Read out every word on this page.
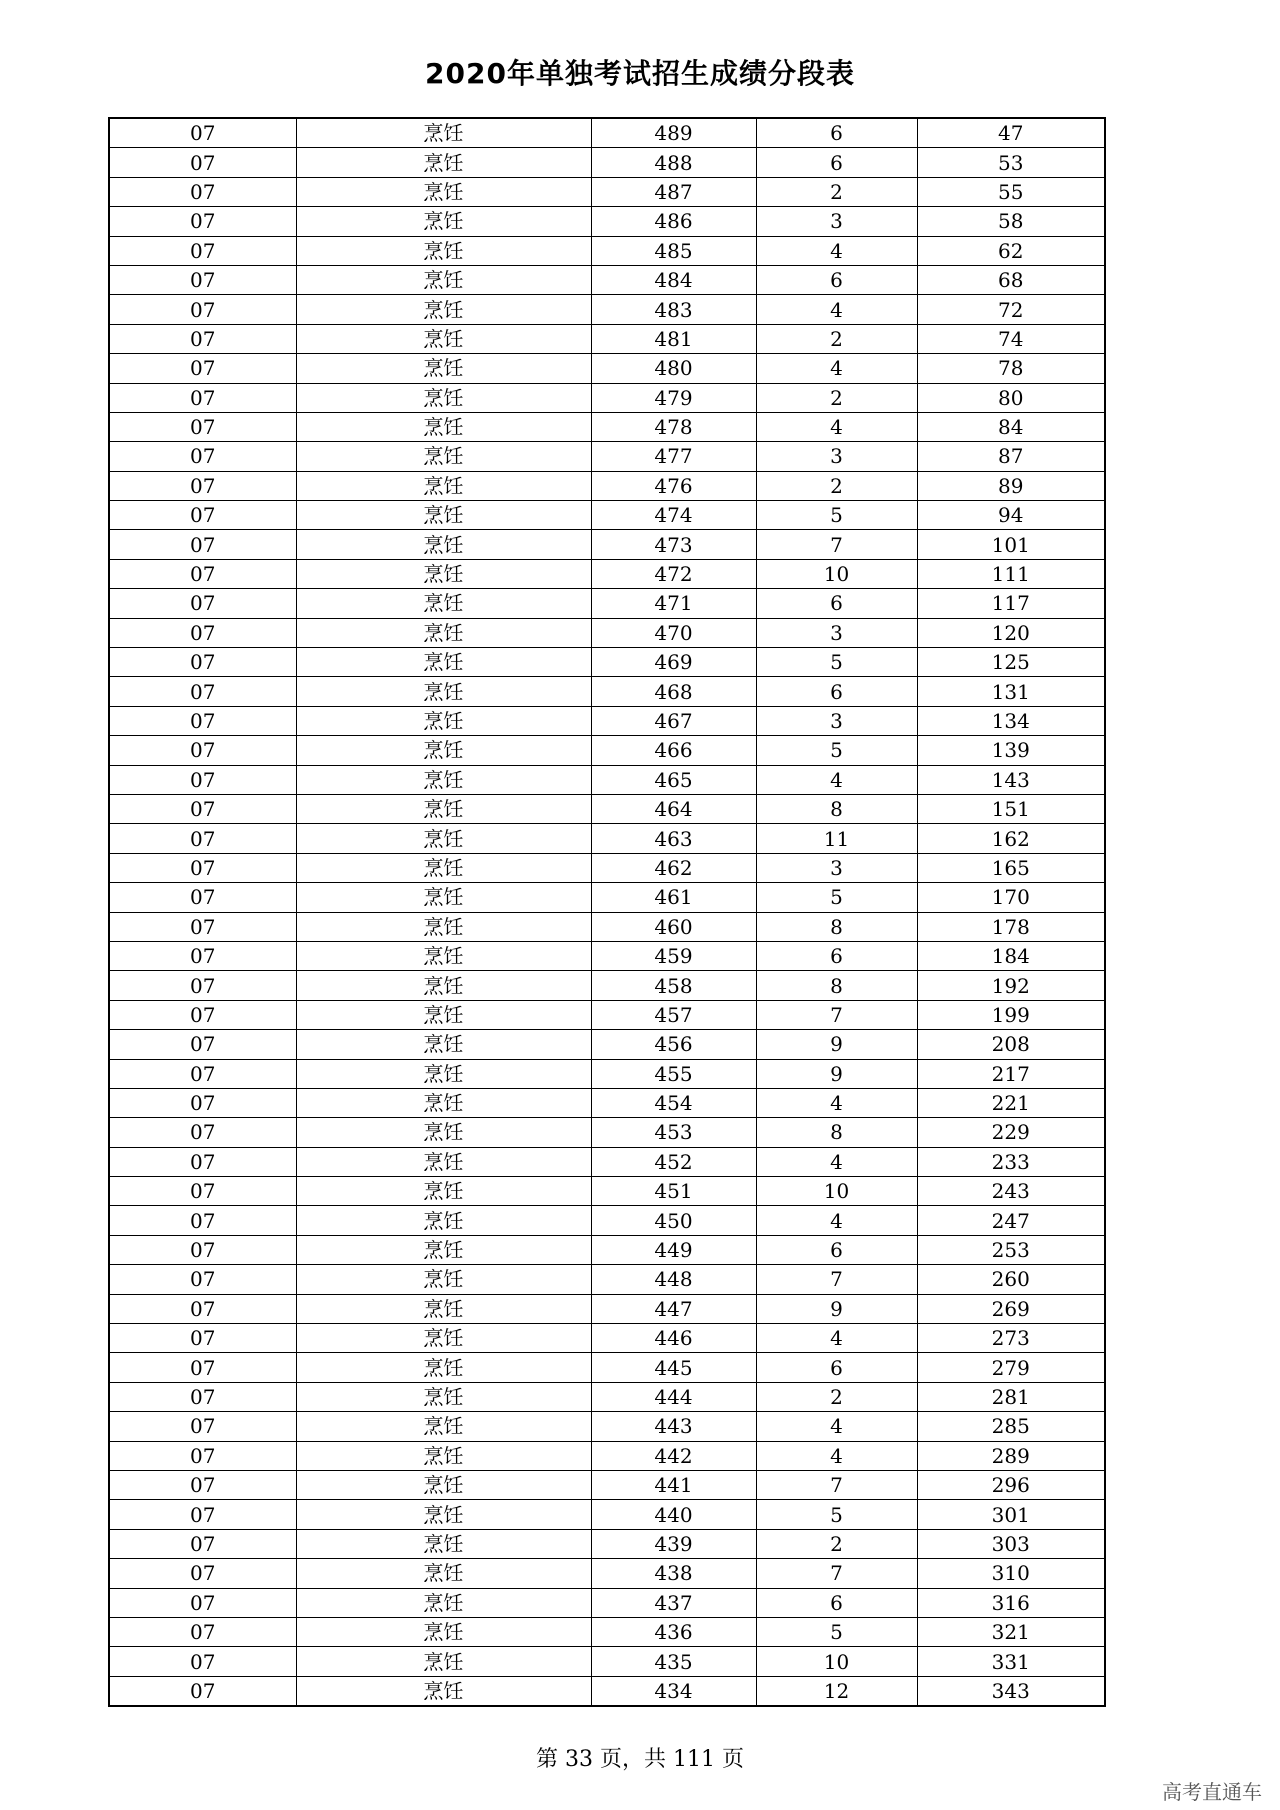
2020年单独考试招生成绩分段表
07	烹饪	489	6	47
07	烹饪	488	6	53
07	烹饪	487	2	55
07	烹饪	486	3	58
07	烹饪	485	4	62
07	烹饪	484	6	68
07	烹饪	483	4	72
07	烹饪	481	2	74
07	烹饪	480	4	78
07	烹饪	479	2	80
07	烹饪	478	4	84
07	烹饪	477	3	87
07	烹饪	476	2	89
07	烹饪	474	5	94
07	烹饪	473	7	101
07	烹饪	472	10	111
07	烹饪	471	6	117
07	烹饪	470	3	120
07	烹饪	469	5	125
07	烹饪	468	6	131
07	烹饪	467	3	134
07	烹饪	466	5	139
07	烹饪	465	4	143
07	烹饪	464	8	151
07	烹饪	463	11	162
07	烹饪	462	3	165
07	烹饪	461	5	170
07	烹饪	460	8	178
07	烹饪	459	6	184
07	烹饪	458	8	192
07	烹饪	457	7	199
07	烹饪	456	9	208
07	烹饪	455	9	217
07	烹饪	454	4	221
07	烹饪	453	8	229
07	烹饪	452	4	233
07	烹饪	451	10	243
07	烹饪	450	4	247
07	烹饪	449	6	253
07	烹饪	448	7	260
07	烹饪	447	9	269
07	烹饪	446	4	273
07	烹饪	445	6	279
07	烹饪	444	2	281
07	烹饪	443	4	285
07	烹饪	442	4	289
07	烹饪	441	7	296
07	烹饪	440	5	301
07	烹饪	439	2	303
07	烹饪	438	7	310
07	烹饪	437	6	316
07	烹饪	436	5	321
07	烹饪	435	10	331
07	烹饪	434	12	343
第 33 页，共 111 页
高考直通车
